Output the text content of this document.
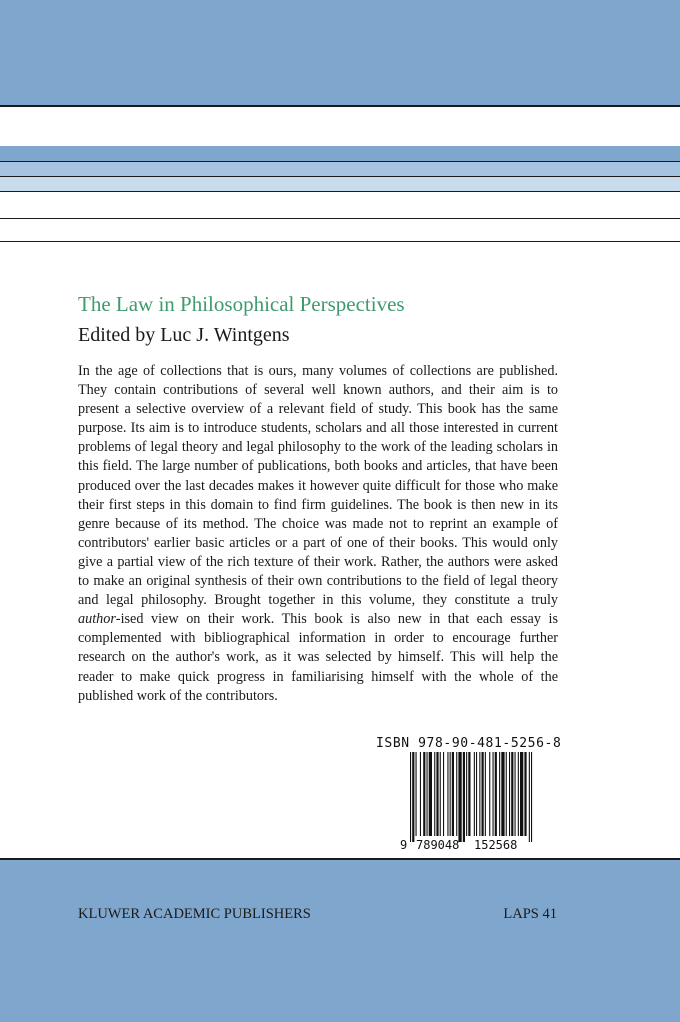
The Law in Philosophical Perspectives
Edited by Luc J. Wintgens

In the age of collections that is ours, many volumes of collections are published. They contain contributions of several well known authors, and their aim is to present a selective overview of a relevant field of study. This book has the same purpose. Its aim is to introduce students, scholars and all those interested in current problems of legal theory and legal philosophy to the work of the leading scholars in this field. The large number of publications, both books and articles, that have been produced over the last decades makes it however quite difficult for those who make their first steps in this domain to find firm guidelines. The book is then new in its genre because of its method. The choice was made not to reprint an example of contributors' earlier basic articles or a part of one of their books. This would only give a partial view of the rich texture of their work. Rather, the authors were asked to make an original synthesis of their own contributions to the field of legal theory and legal philosophy. Brought together in this volume, they constitute a truly author-ised view on their work. This book is also new in that each essay is complemented with bibliographical information in order to encourage further research on the author's work, as it was selected by himself. This will help the reader to make quick progress in familiarising himself with the whole of the published work of the contributors.

ISBN 978-90-481-5256-8
9 789048 152568
KLUWER ACADEMIC PUBLISHERS	LAPS 41
